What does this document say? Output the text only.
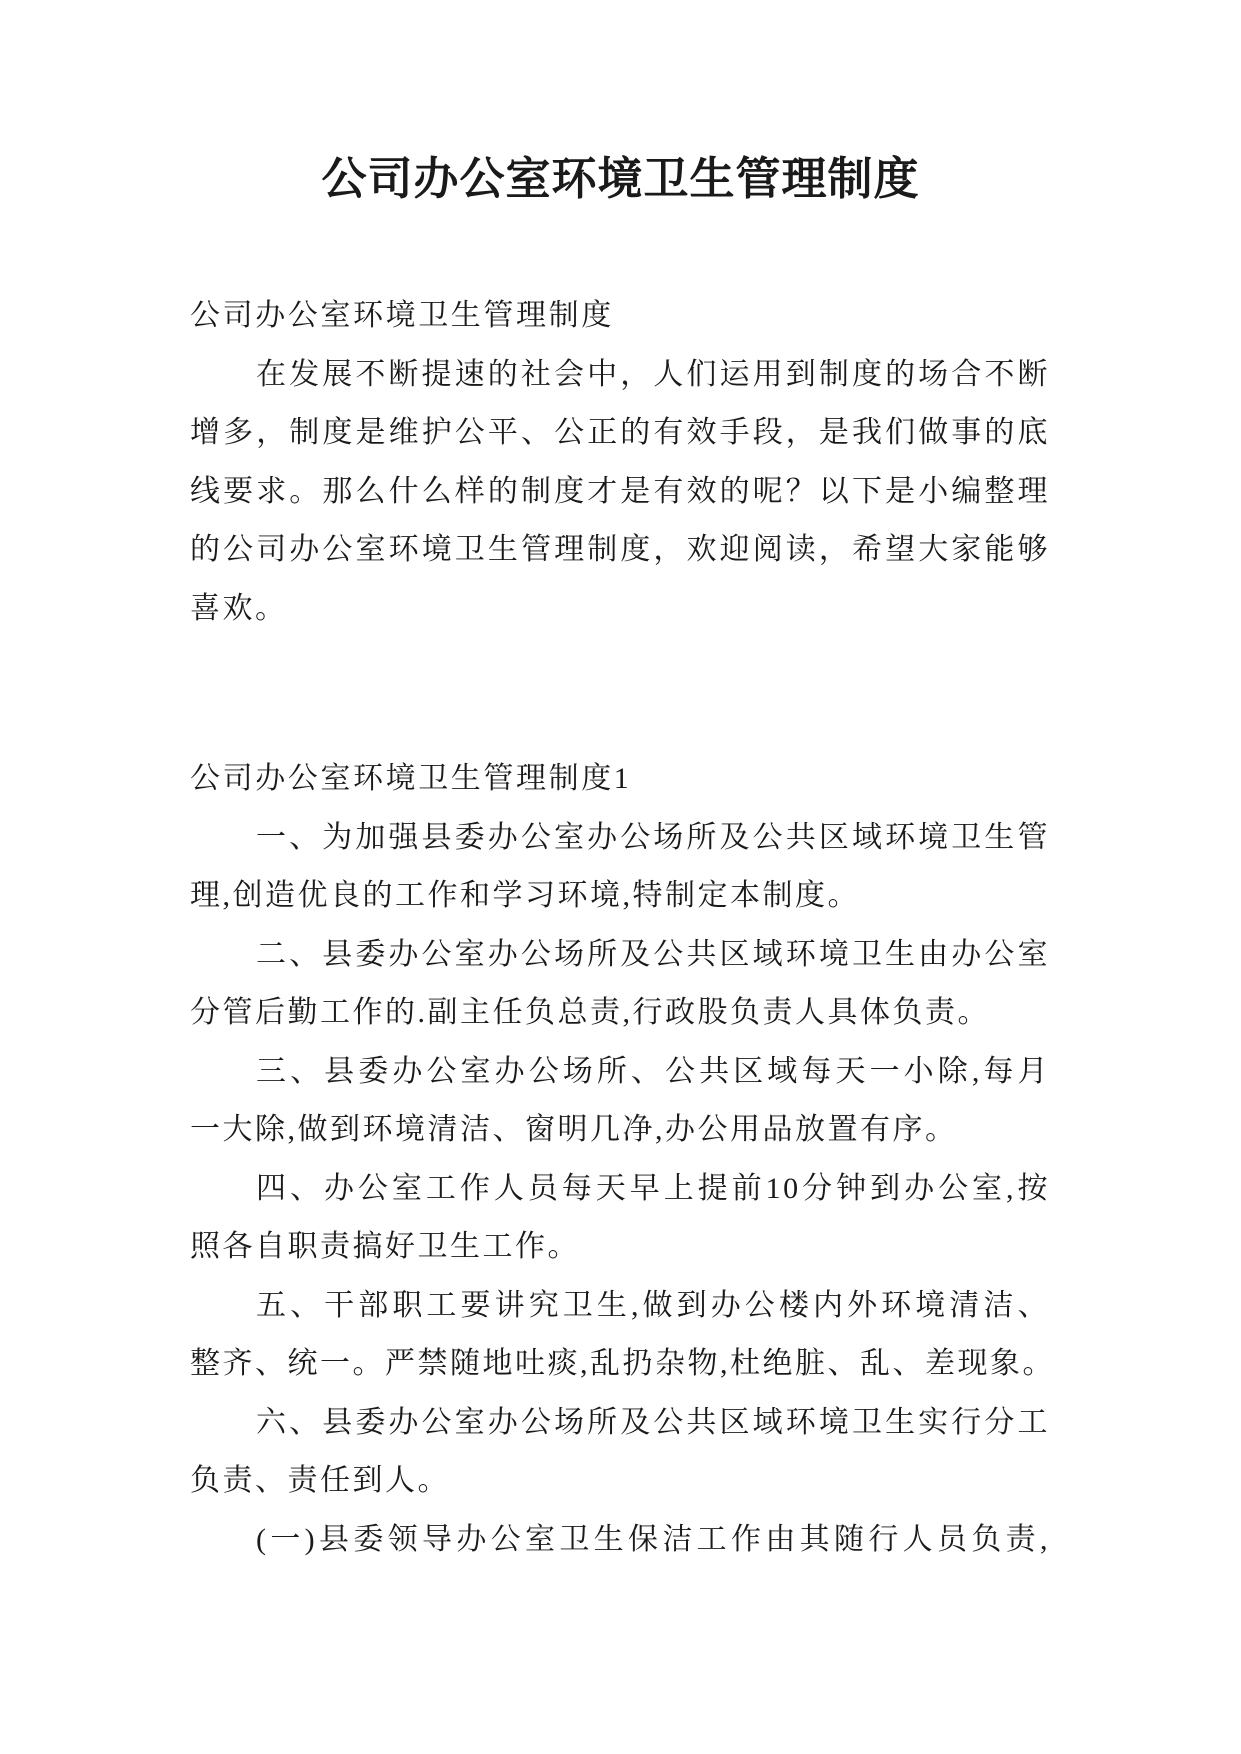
公司办公室环境卫生管理制度
公司办公室环境卫生管理制度
在发展不断提速的社会中，人们运用到制度的场合不断
增多，制度是维护公平、公正的有效手段，是我们做事的底
线要求。那么什么样的制度才是有效的呢？以下是小编整理
的公司办公室环境卫生管理制度，欢迎阅读，希望大家能够
喜欢。
公司办公室环境卫生管理制度1
一、为加强县委办公室办公场所及公共区域环境卫生管
理,创造优良的工作和学习环境,特制定本制度。
二、县委办公室办公场所及公共区域环境卫生由办公室
分管后勤工作的.副主任负总责,行政股负责人具体负责。
三、县委办公室办公场所、公共区域每天一小除,每月
一大除,做到环境清洁、窗明几净,办公用品放置有序。
四、办公室工作人员每天早上提前10分钟到办公室,按
照各自职责搞好卫生工作。
五、干部职工要讲究卫生,做到办公楼内外环境清洁、
整齐、统一。严禁随地吐痰,乱扔杂物,杜绝脏、乱、差现象。
六、县委办公室办公场所及公共区域环境卫生实行分工
负责、责任到人。
(一)县委领导办公室卫生保洁工作由其随行人员负责,
